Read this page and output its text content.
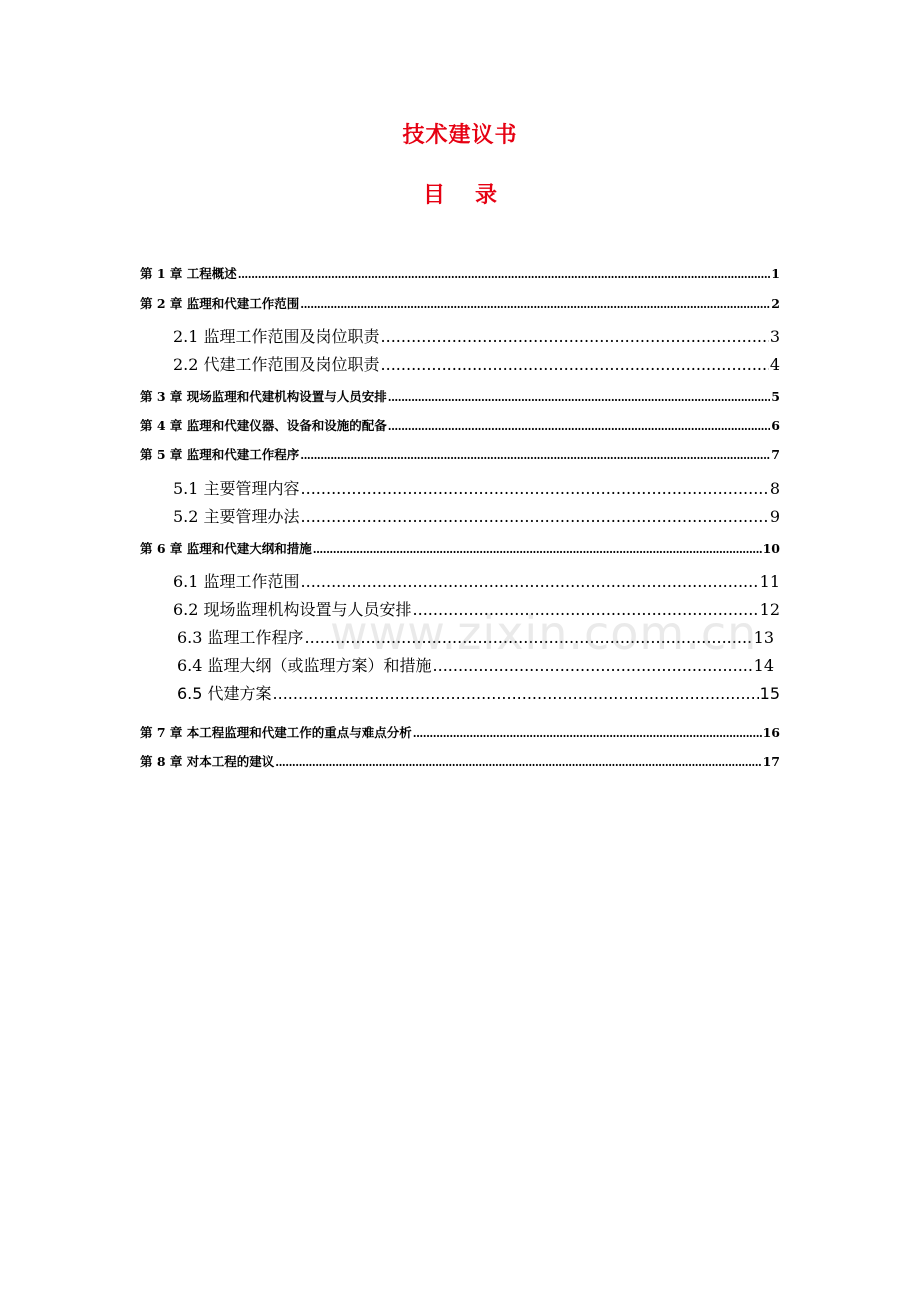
技术建议书
目 录
第 1 章 工程概述 .....	1
第 2 章 监理和代建工作范围 .....	2
2.1 监理工作范围及岗位职责 .....	3
2.2 代建工作范围及岗位职责 .....	4
第 3 章 现场监理和代建机构设置与人员安排 .....	5
第 4 章 监理和代建仪器、设备和设施的配备 .....	6
第 5 章 监理和代建工作程序 .....	7
5.1 主要管理内容 .....	8
5.2 主要管理办法 .....	9
第 6 章 监理和代建大纲和措施 .....	10
6.1 监理工作范围 .....	11
6.2 现场监理机构设置与人员安排 .....	12
6.3 监理工作程序 .....	13
6.4 监理大纲（或监理方案）和措施 .....	14
6.5 代建方案 .....	15
第 7 章 本工程监理和代建工作的重点与难点分析 .....	16
第 8 章 对本工程的建议 .....	17
www.zixin.com.cn
